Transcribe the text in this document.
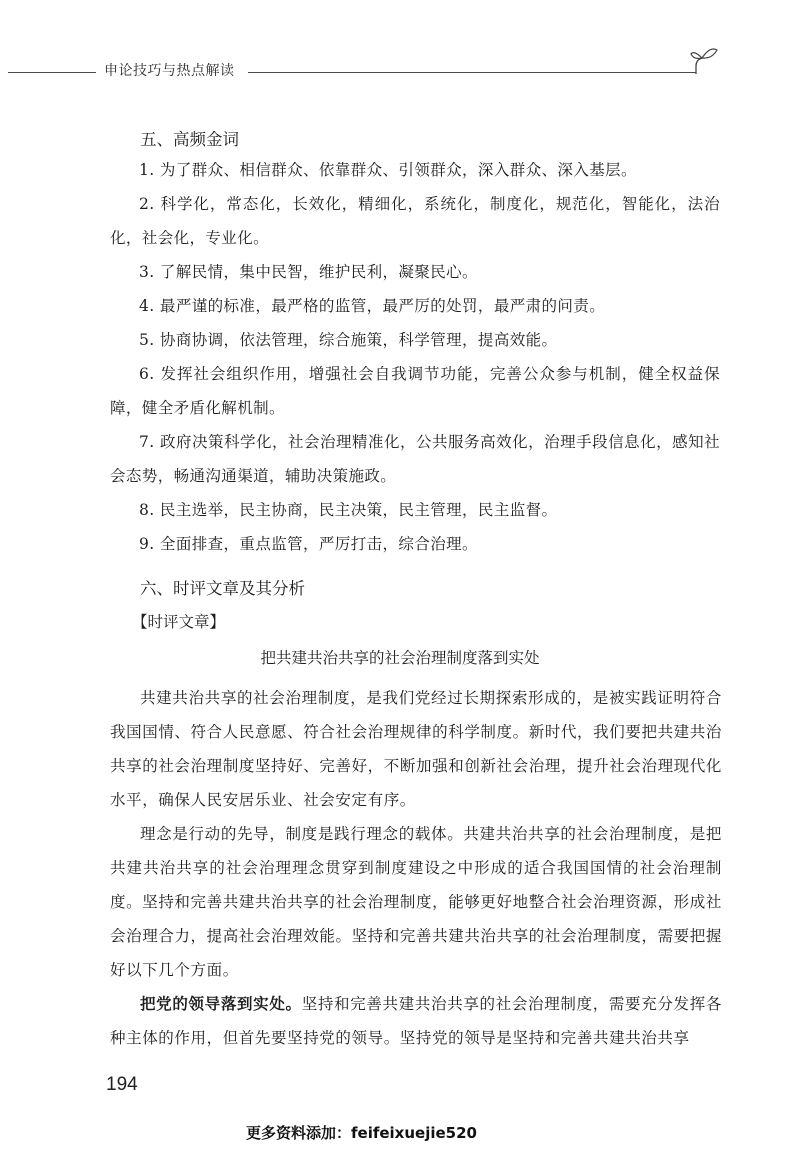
申论技巧与热点解读
五、高频金词
1. 为了群众、相信群众、依靠群众、引领群众，深入群众、深入基层。
2. 科学化，常态化，长效化，精细化，系统化，制度化，规范化，智能化，法治化，社会化，专业化。
3. 了解民情，集中民智，维护民利，凝聚民心。
4. 最严谨的标准，最严格的监管，最严厉的处罚，最严肃的问责。
5. 协商协调，依法管理，综合施策，科学管理，提高效能。
6. 发挥社会组织作用，增强社会自我调节功能，完善公众参与机制，健全权益保障，健全矛盾化解机制。
7. 政府决策科学化，社会治理精准化，公共服务高效化，治理手段信息化，感知社会态势，畅通沟通渠道，辅助决策施政。
8. 民主选举，民主协商，民主决策，民主管理，民主监督。
9. 全面排查，重点监管，严厉打击，综合治理。
六、时评文章及其分析
【时评文章】
把共建共治共享的社会治理制度落到实处
共建共治共享的社会治理制度，是我们党经过长期探索形成的，是被实践证明符合我国国情、符合人民意愿、符合社会治理规律的科学制度。新时代，我们要把共建共治共享的社会治理制度坚持好、完善好，不断加强和创新社会治理，提升社会治理现代化水平，确保人民安居乐业、社会安定有序。
理念是行动的先导，制度是践行理念的载体。共建共治共享的社会治理制度，是把共建共治共享的社会治理理念贯穿到制度建设之中形成的适合我国国情的社会治理制度。坚持和完善共建共治共享的社会治理制度，能够更好地整合社会治理资源，形成社会治理合力，提高社会治理效能。坚持和完善共建共治共享的社会治理制度，需要把握好以下几个方面。
把党的领导落到实处。坚持和完善共建共治共享的社会治理制度，需要充分发挥各种主体的作用，但首先要坚持党的领导。坚持党的领导是坚持和完善共建共治共享
194
更多资料添加：feifeixuejie520
